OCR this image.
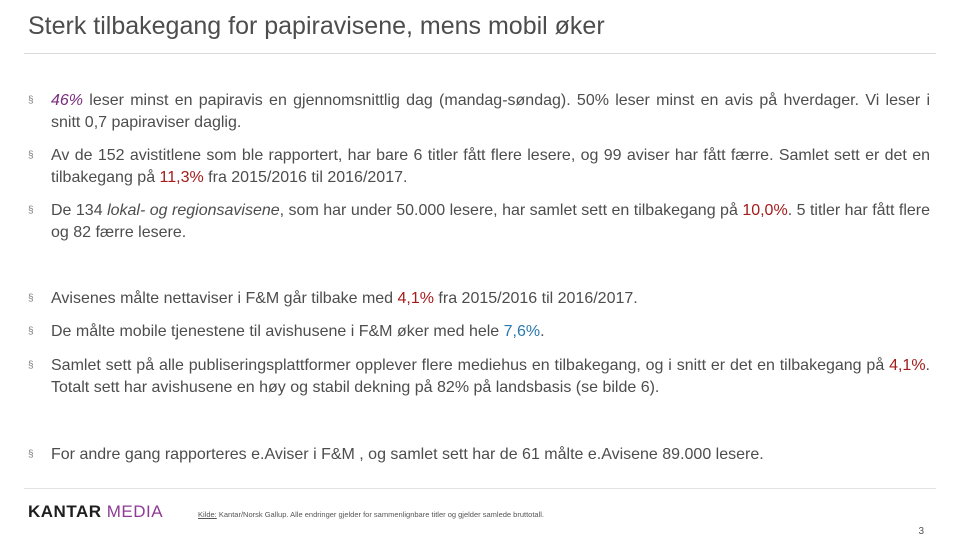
Sterk tilbakegang for papiravisene, mens mobil øker
§	46% leser minst en papiravis en gjennomsnittlig dag (mandag-søndag). 50% leser minst en avis på hverdager. Vi leser i snitt 0,7 papiraviser daglig.
§	Av de 152 avistitlene som ble rapportert, har bare 6 titler fått flere lesere, og 99 aviser har fått færre. Samlet sett er det en tilbakegang på 11,3% fra 2015/2016 til 2016/2017.
§	De 134 lokal- og regionsavisene, som har under 50.000 lesere, har samlet sett en tilbakegang på 10,0%. 5 titler har fått flere og 82 færre lesere.
§	Avisenes målte nettaviser i F&M går tilbake med 4,1% fra 2015/2016 til 2016/2017.
§	De målte mobile tjenestene til avishusene i F&M øker med hele 7,6%.
§	Samlet sett på alle publiseringsplattformer opplever flere mediehus en tilbakegang, og i snitt er det en tilbakegang på 4,1%. Totalt sett har avishusene en høy og stabil dekning på 82% på landsbasis (se bilde 6).
§	For andre gang rapporteres e.Aviser i F&M , og samlet sett har de 61 målte e.Avisene 89.000 lesere.
KANTAR MEDIA	Kilde: Kantar/Norsk Gallup. Alle endringer gjelder for sammenlignbare titler og gjelder samlede bruttotall.
3
